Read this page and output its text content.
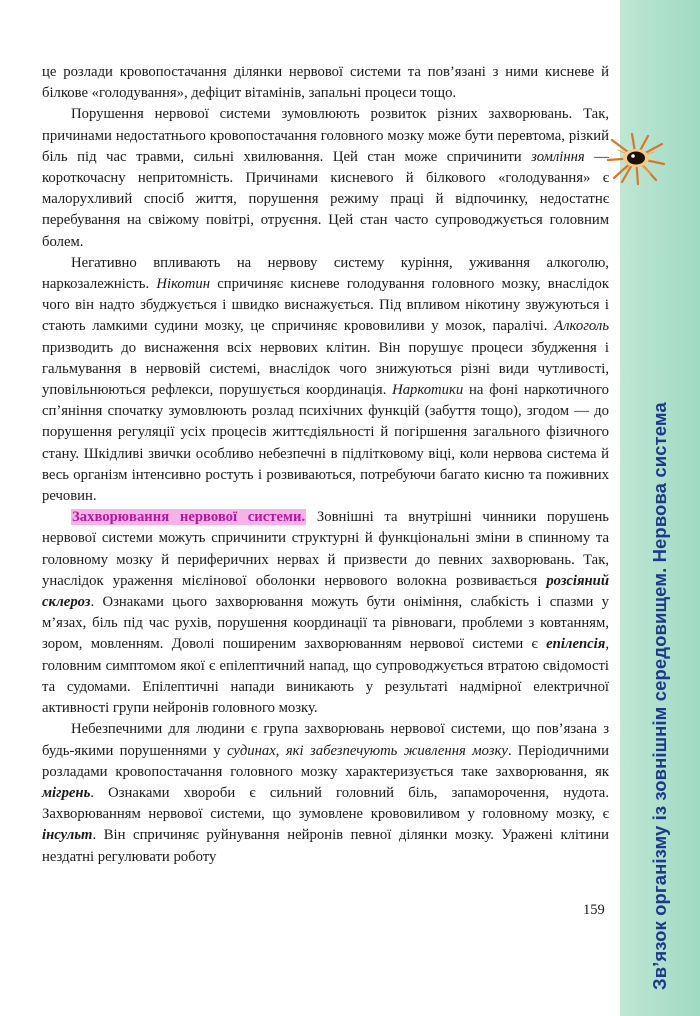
Зв’язок організму із зовнішнім середовищем. Нервова система

це розлади кровопостачання ділянки нервової системи та пов’язані з ними кисневе й білкове «голодування», дефіцит вітамінів, запальні процеси тощо.

Порушення нервової системи зумовлюють розвиток різних захворювань. Так, причинами недостатнього кровопостачання головного мозку може бути перевтома, різкий біль під час травми, сильні хвилювання. Цей стан може спричинити зомління — короткочасну непритомність. Причинами кисневого й білкового «голодування» є малорухливий спосіб життя, порушення режиму праці й відпочинку, недостатнє перебування на свіжому повітрі, отруєння. Цей стан часто супроводжується головним болем.

Негативно впливають на нервову систему куріння, уживання алкоголю, наркозалежність. Нікотин спричиняє кисневе голодування головного мозку, внаслідок чого він надто збуджується і швидко виснажується. Під впливом нікотину звужуються і стають ламкими судини мозку, це спричиняє крововиливи у мозок, паралічі. Алкоголь призводить до виснаження всіх нервових клітин. Він порушує процеси збудження і гальмування в нервовій системі, внаслідок чого знижуються різні види чутливості, уповільнюються рефлекси, порушується координація. Наркотики на фоні наркотичного сп’яніння спочатку зумовлюють розлад психічних функцій (забуття тощо), згодом — до порушення регуляції усіх процесів життєдіяльності й погіршення загального фізичного стану. Шкідливі звички особливо небезпечні в підлітковому віці, коли нервова система й весь організм інтенсивно ростуть і розвиваються, потребуючи багато кисню та поживних речовин.

Захворювання нервової системи. Зовнішні та внутрішні чинники порушень нервової системи можуть спричинити структурні й функціональні зміни в спинному та головному мозку й периферичних нервах й призвести до певних захворювань. Так, унаслідок ураження мієлінової оболонки нервового волокна розвивається розсіяний склероз. Ознаками цього захворювання можуть бути оніміння, слабкість і спазми у м’язах, біль під час рухів, порушення координації та рівноваги, проблеми з ковтанням, зором, мовленням. Доволі поширеним захворюванням нервової системи є епілепсія, головним симптомом якої є епілептичний напад, що супроводжується втратою свідомості та судомами. Епілептичні напади виникають у результаті надмірної електричної активності групи нейронів головного мозку.

Небезпечними для людини є група захворювань нервової системи, що пов’язана з будь-якими порушеннями у судинах, які забезпечують живлення мозку. Періодичними розладами кровопостачання головного мозку характеризується таке захворювання, як мігрень. Ознаками хвороби є сильний головний біль, запаморочення, нудота. Захворюванням нервової системи, що зумовлене крововиливом у головному мозку, є інсульт. Він спричиняє руйнування нейронів певної ділянки мозку. Уражені клітини нездатні регулювати роботу

159
